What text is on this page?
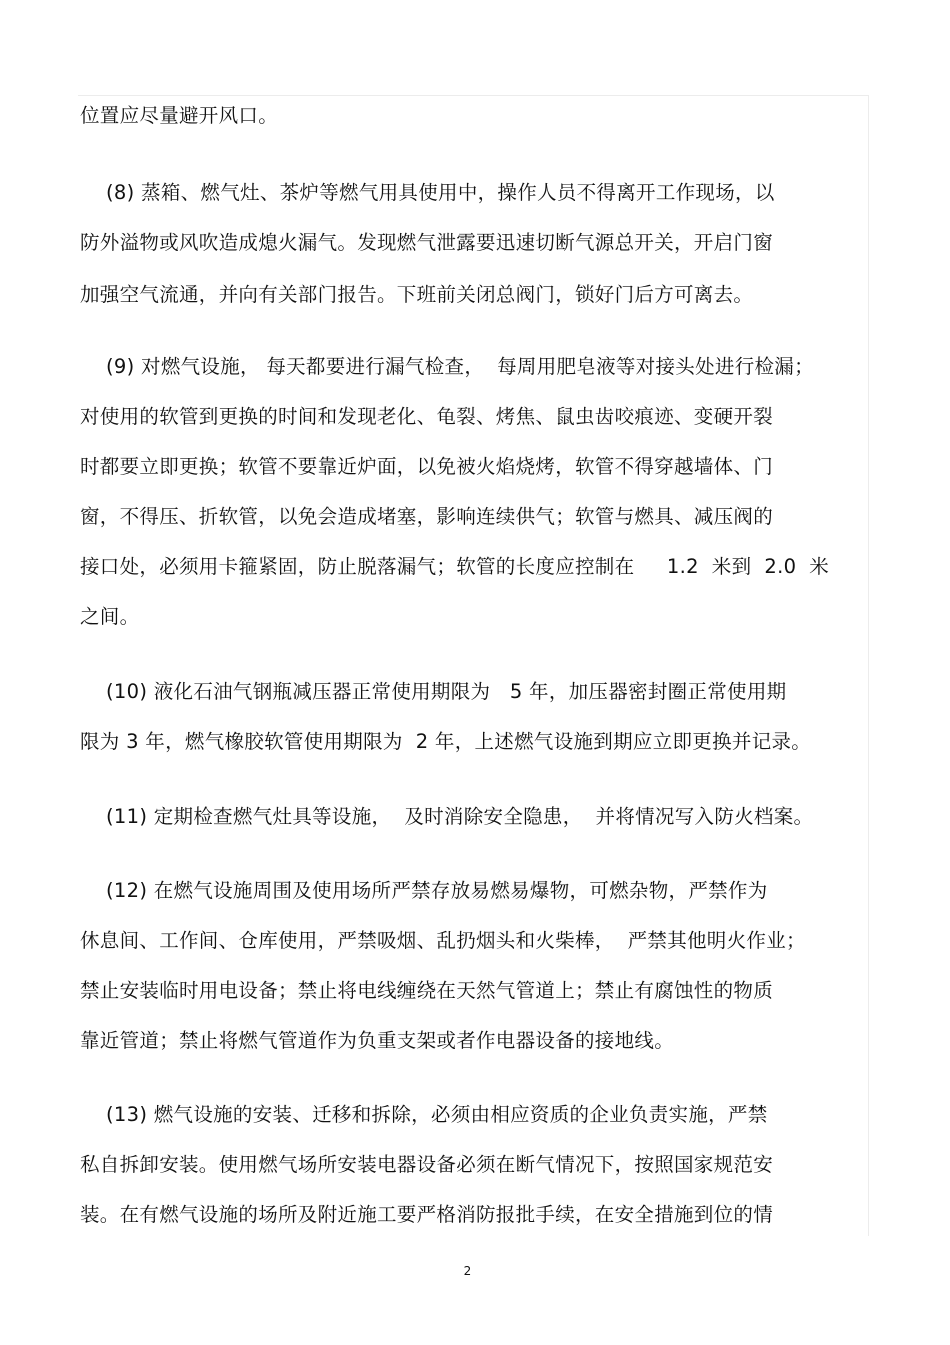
位置应尽量避开风口。
(8) 蒸箱、燃气灶、茶炉等燃气用具使用中，操作人员不得离开工作现场，以
防外溢物或风吹造成熄火漏气。发现燃气泄露要迅速切断气源总开关，开启门窗
加强空气流通，并向有关部门报告。下班前关闭总阀门，锁好门后方可离去。
(9) 对燃气设施， 每天都要进行漏气检查，  每周用肥皂液等对接头处进行检漏；
对使用的软管到更换的时间和发现老化、龟裂、烤焦、鼠虫齿咬痕迹、变硬开裂
时都要立即更换；软管不要靠近炉面，以免被火焰烧烤，软管不得穿越墙体、门
窗，不得压、折软管，以免会造成堵塞，影响连续供气；软管与燃具、减压阀的
接口处，必须用卡箍紧固，防止脱落漏气；软管的长度应控制在     1.2  米到  2.0  米
之间。
(10) 液化石油气钢瓶减压器正常使用期限为   5 年，加压器密封圈正常使用期
限为 3 年，燃气橡胶软管使用期限为  2 年，上述燃气设施到期应立即更换并记录。
(11) 定期检查燃气灶具等设施，  及时消除安全隐患，  并将情况写入防火档案。
(12) 在燃气设施周围及使用场所严禁存放易燃易爆物，可燃杂物，严禁作为
休息间、工作间、仓库使用，严禁吸烟、乱扔烟头和火柴棒，  严禁其他明火作业；
禁止安装临时用电设备；禁止将电线缠绕在天然气管道上；禁止有腐蚀性的物质
靠近管道；禁止将燃气管道作为负重支架或者作电器设备的接地线。
(13) 燃气设施的安装、迁移和拆除，必须由相应资质的企业负责实施，严禁
私自拆卸安装。使用燃气场所安装电器设备必须在断气情况下，按照国家规范安
装。在有燃气设施的场所及附近施工要严格消防报批手续，在安全措施到位的情
2
